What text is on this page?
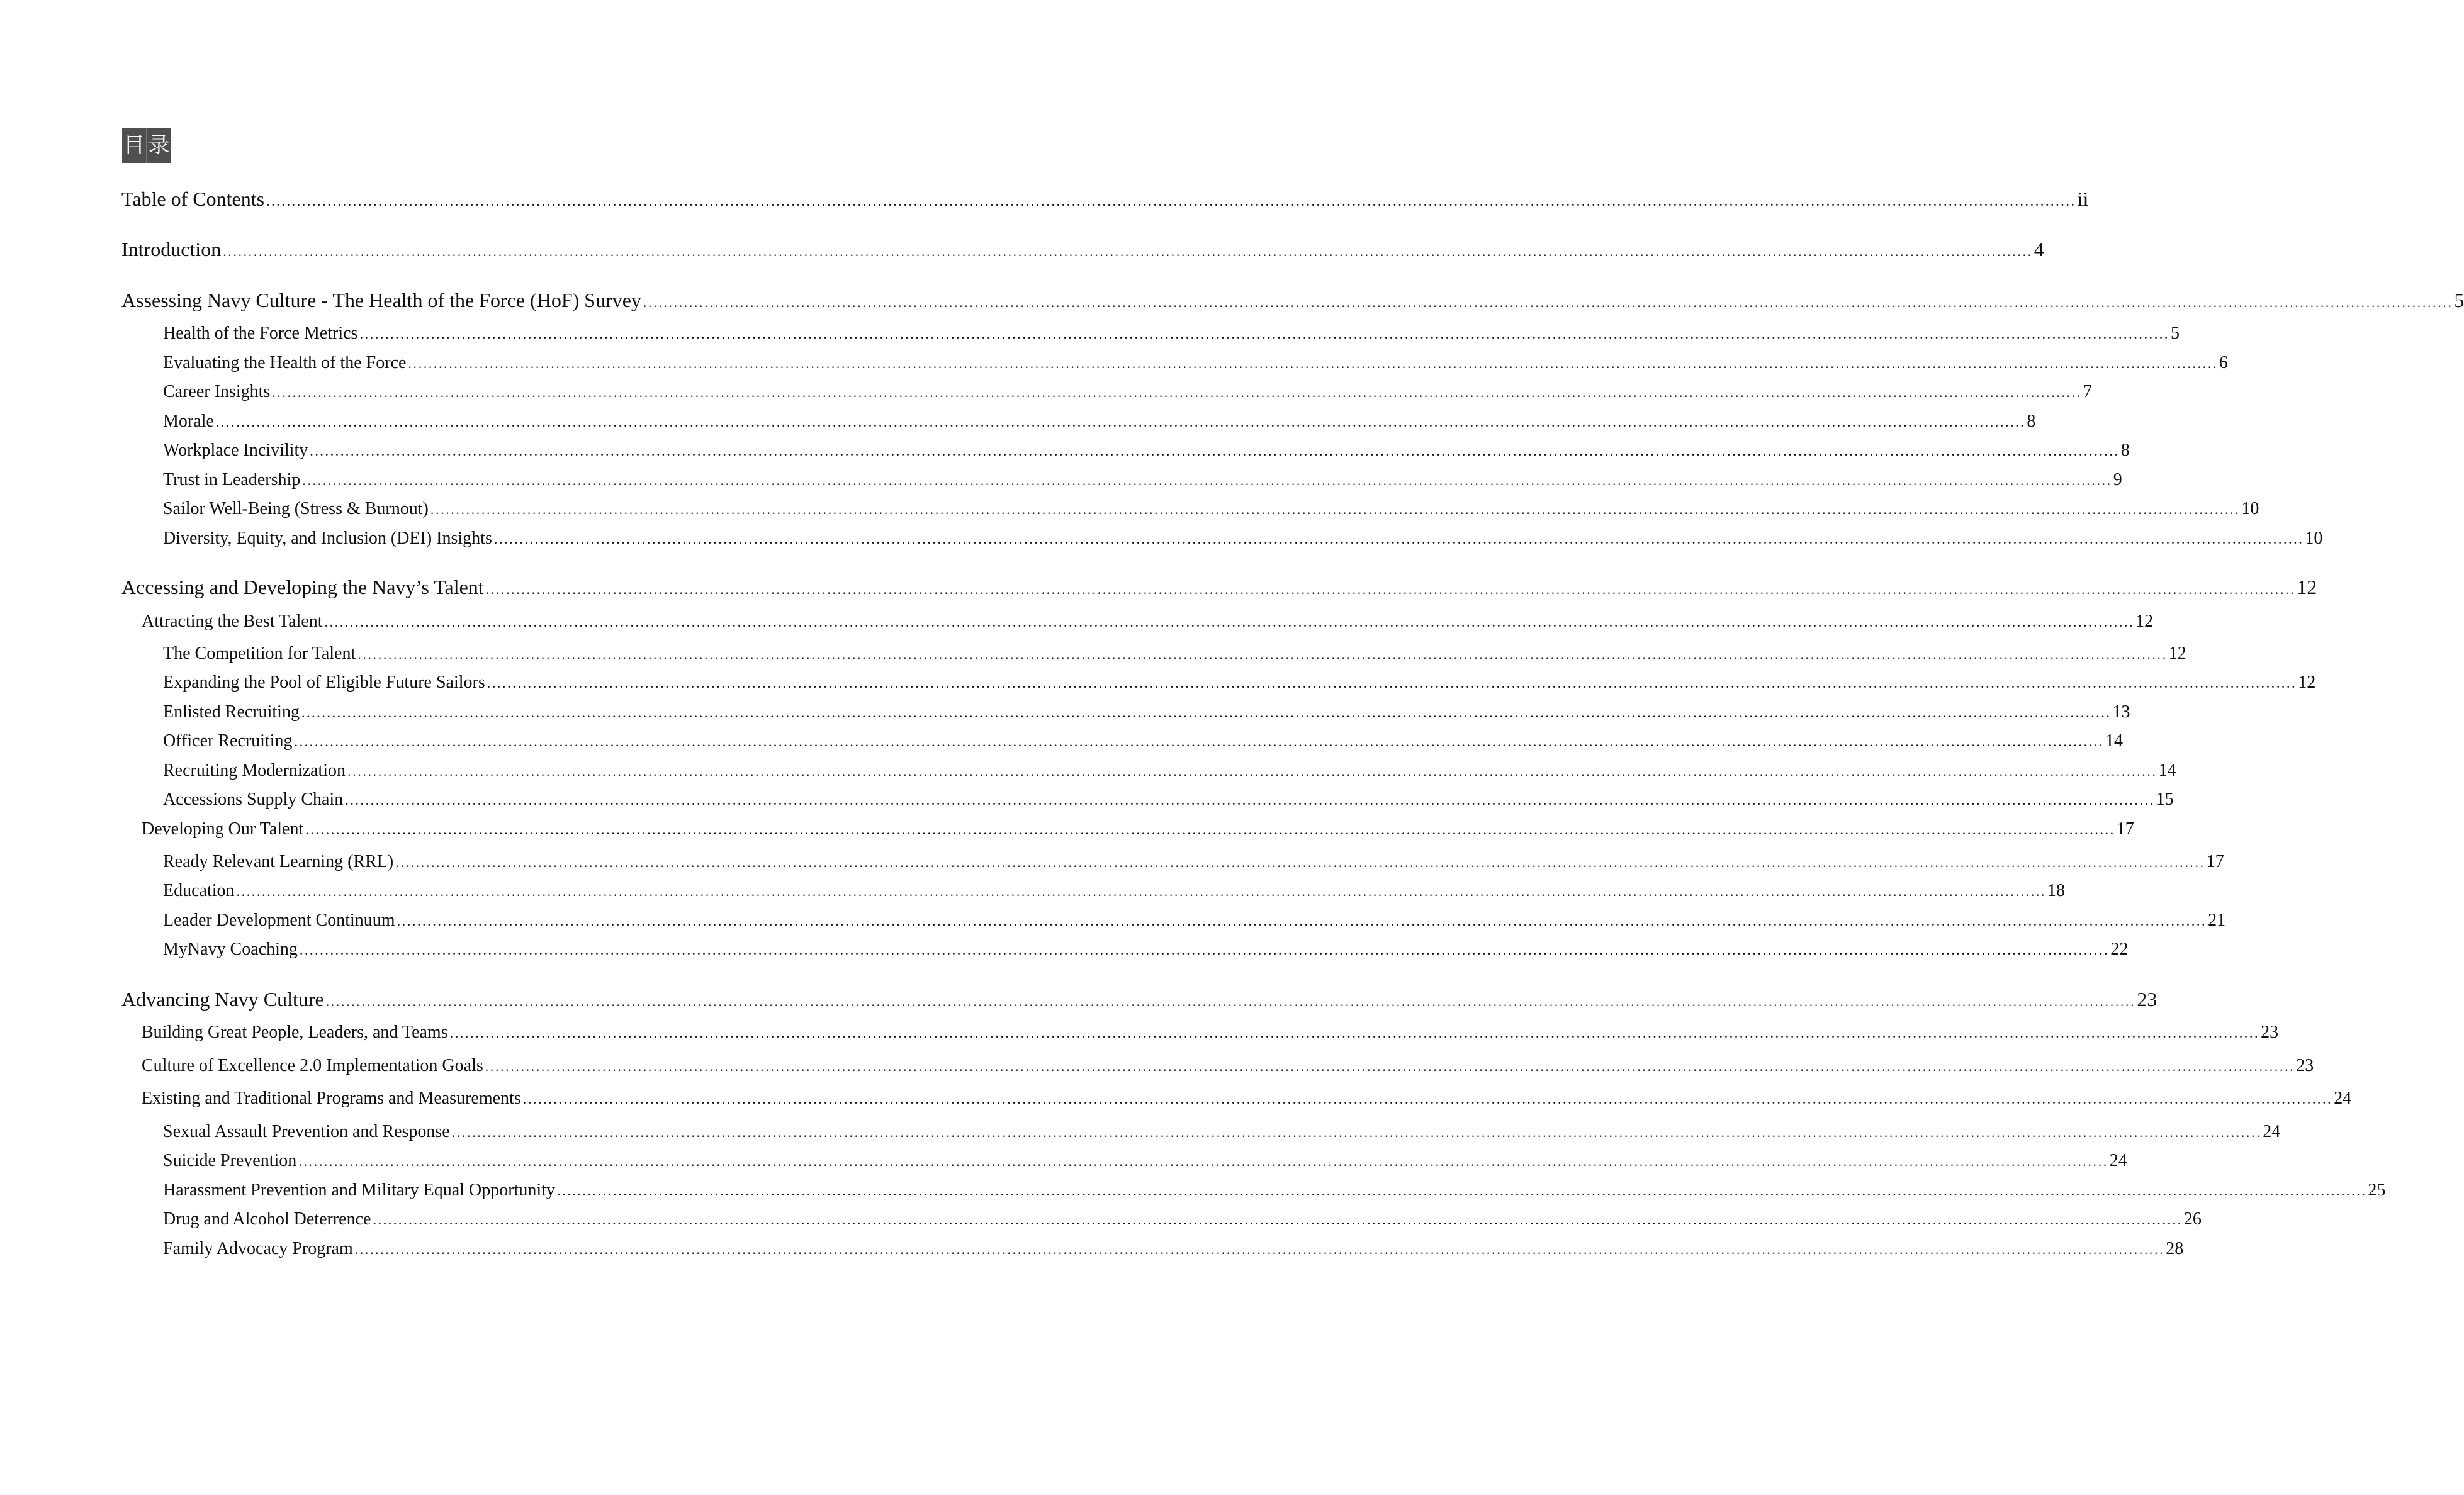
目 录
Table of Contents .....	ii
Introduction .....	4
Assessing Navy Culture - The Health of the Force (HoF) Survey .....	5
Health of the Force Metrics .....	5
Evaluating the Health of the Force .....	6
Career Insights .....	7
Morale .....	8
Workplace Incivility .....	8
Trust in Leadership .....	9
Sailor Well-Being (Stress & Burnout) .....	10
Diversity, Equity, and Inclusion (DEI) Insights .....	10
Accessing and Developing the Navy’s Talent .....	12
Attracting the Best Talent .....	12
The Competition for Talent .....	12
Expanding the Pool of Eligible Future Sailors .....	12
Enlisted Recruiting .....	13
Officer Recruiting .....	14
Recruiting Modernization .....	14
Accessions Supply Chain .....	15
Developing Our Talent .....	17
Ready Relevant Learning (RRL) .....	17
Education .....	18
Leader Development Continuum .....	21
MyNavy Coaching .....	22
Advancing Navy Culture .....	23
Building Great People, Leaders, and Teams .....	23
Culture of Excellence 2.0 Implementation Goals .....	23
Existing and Traditional Programs and Measurements .....	24
Sexual Assault Prevention and Response .....	24
Suicide Prevention .....	24
Harassment Prevention and Military Equal Opportunity .....	25
Drug and Alcohol Deterrence .....	26
Family Advocacy Program .....	28
